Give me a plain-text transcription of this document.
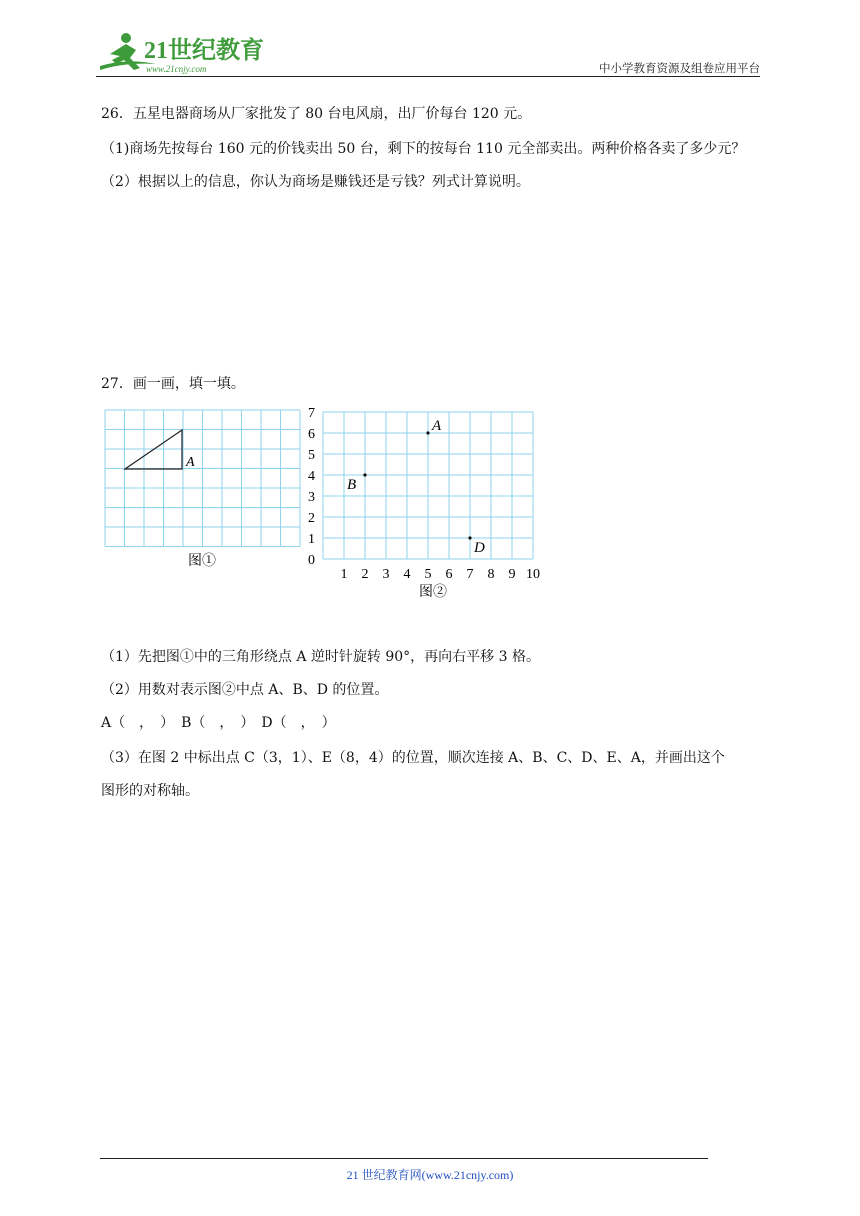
21世纪教育
www.21cnjy.com	中小学教育资源及组卷应用平台
26．五星电器商场从厂家批发了 80 台电风扇，出厂价每台 120 元。
（1)商场先按每台 160 元的价钱卖出 50 台，剩下的按每台 110 元全部卖出。两种价格各卖了多少元？
（2）根据以上的信息，你认为商场是赚钱还是亏钱？列式计算说明。
27．画一画，填一填。
A
图①
1 2 3 4 5 6 7 8 9 10
0
1
2
3
4
5
6
7
A
B
D
图②
（1）先把图①中的三角形绕点 A 逆时针旋转 90°，再向右平移 3 格。
（2）用数对表示图②中点 A、B、D 的位置。
A（　，　）　B（　，　）　D（　，　）
（3）在图 2 中标出点 C（3，1）、E（8，4）的位置，顺次连接 A、B、C、D、E、A，并画出这个
图形的对称轴。
21 世纪教育网(www.21cnjy.com)
